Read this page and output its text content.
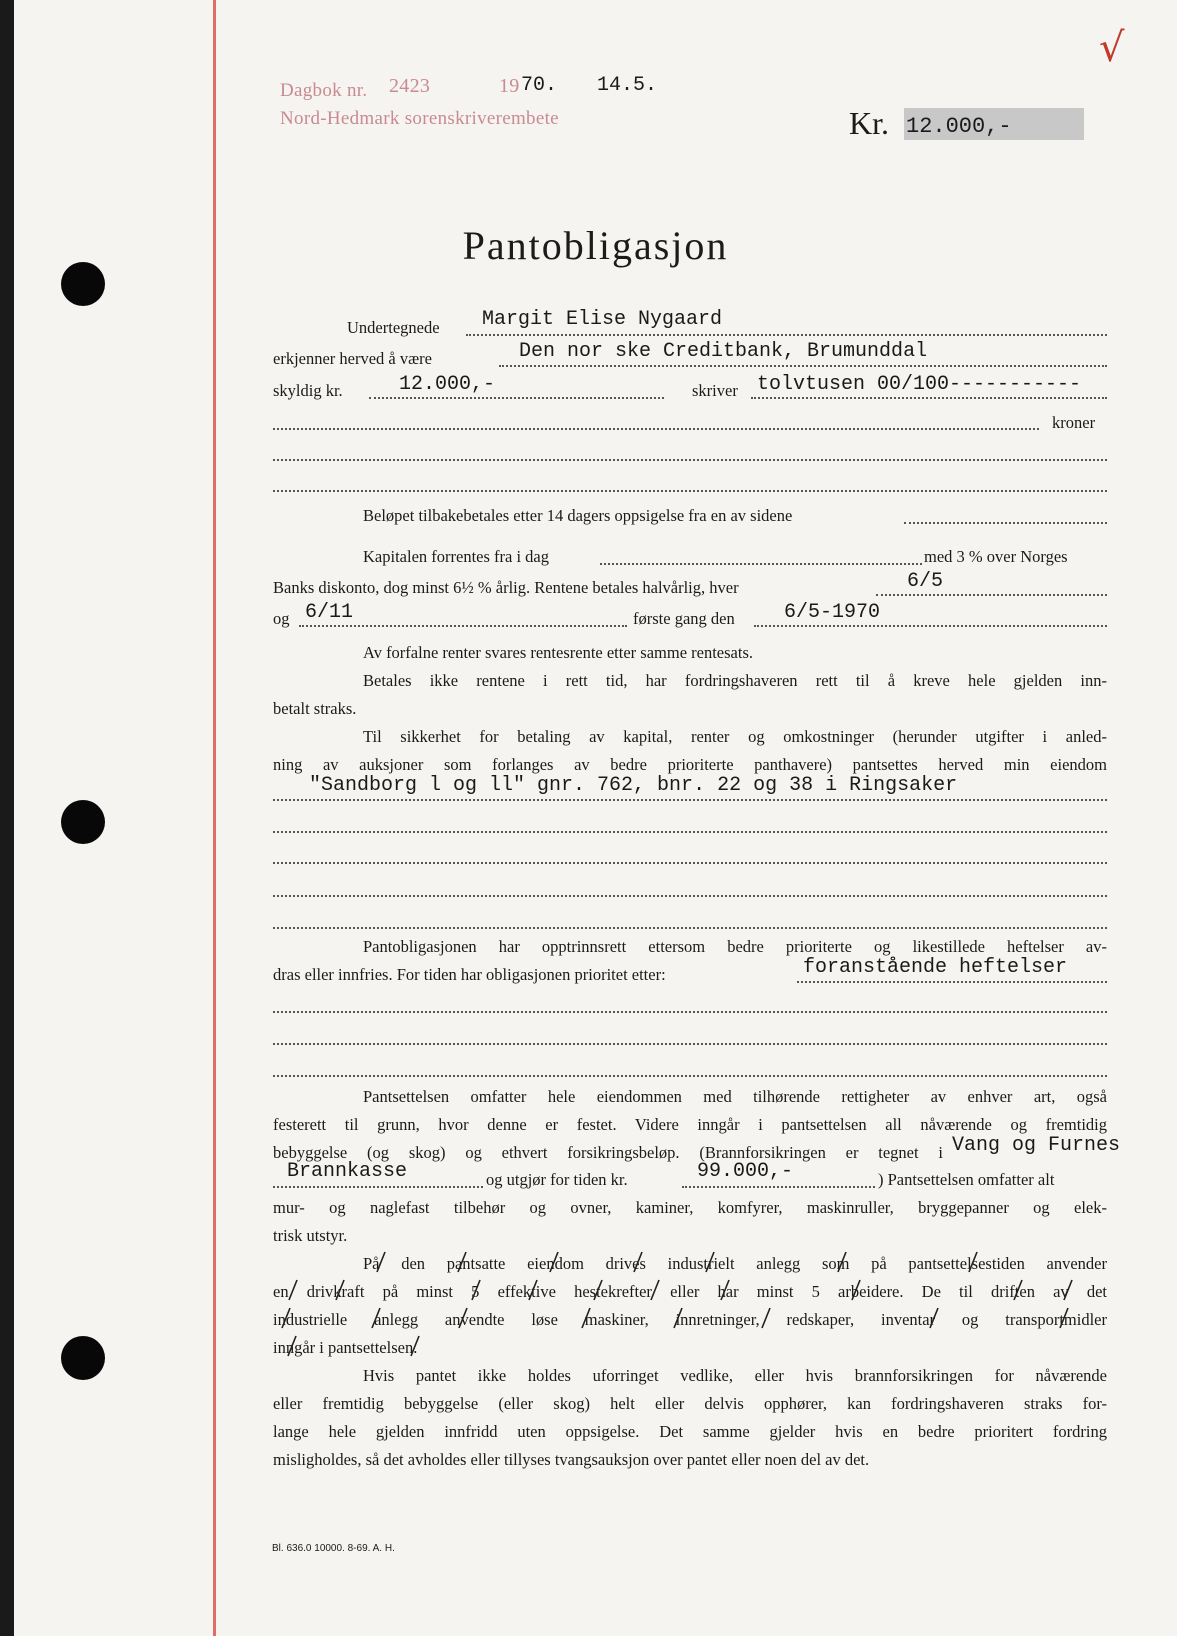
Dagbok nr. 2423	19 70. 14.5.
Nord-Hedmark sorenskriverembete	Kr. 12.000,-
√
Pantobligasjon
Undertegnede Margit Elise Nygaard
erkjenner herved å være	Den nor ske Creditbank, Brumunddal
skyldig kr.	12.000,-	skriver tolvtusen 00/100-----------
kroner
Beløpet tilbakebetales etter 14 dagers oppsigelse fra en av sidene
Kapitalen forrentes fra i dag	med 3 % over Norges
Banks diskonto, dog minst 6½ % årlig. Rentene betales halvårlig, hver	6/5
og 6/11	første gang den 6/5-1970
Av forfalne renter svares rentesrente etter samme rentesats.
Betales ikke rentene i rett tid, har fordringshaveren rett til å kreve hele gjelden inn-
betalt straks.
Til sikkerhet for betaling av kapital, renter og omkostninger (herunder utgifter i anled-
ning av auksjoner som forlanges av bedre prioriterte panthavere) pantsettes herved min eiendom
"Sandborg l og ll" gnr. 762, bnr. 22 og 38 i Ringsaker
Pantobligasjonen har opptrinnsrett ettersom bedre prioriterte og likestillede heftelser av-
dras eller innfries. For tiden har obligasjonen prioritet etter:	foranstående heftelser
Pantsettelsen omfatter hele eiendommen med tilhørende rettigheter av enhver art, også
festerett til grunn, hvor denne er festet. Videre inngår i pantsettelsen all nåværende og fremtidig
bebyggelse (og skog) og ethvert forsikringsbeløp. (Brannforsikringen er tegnet i Vang og Furnes
Brannkasse	og utgjør for tiden kr.	99.000,-	) Pantsettelsen omfatter alt
mur- og naglefast tilbehør og ovner, kaminer, komfyrer, maskinruller, bryggepanner og elek-
trisk utstyr.
På den pantsatte eiendom drives industrielt anlegg som på pantsettelsestiden anvender
en drivkraft på minst 5 effektive hestekrefter eller har minst 5 arbeidere. De til driften av det
industrielle anlegg anvendte løse maskiner, innretninger, redskaper, inventar og transportmidler
inngår i pantsettelsen.
Hvis pantet ikke holdes uforringet vedlike, eller hvis brannforsikringen for nåværende
eller fremtidig bebyggelse (eller skog) helt eller delvis opphører, kan fordringshaveren straks for-
lange hele gjelden innfridd uten oppsigelse. Det samme gjelder hvis en bedre prioritert fordring
misligholdes, så det avholdes eller tillyses tvangsauksjon over pantet eller noen del av det.
Bl. 636.0 10000. 8-69. A. H.
